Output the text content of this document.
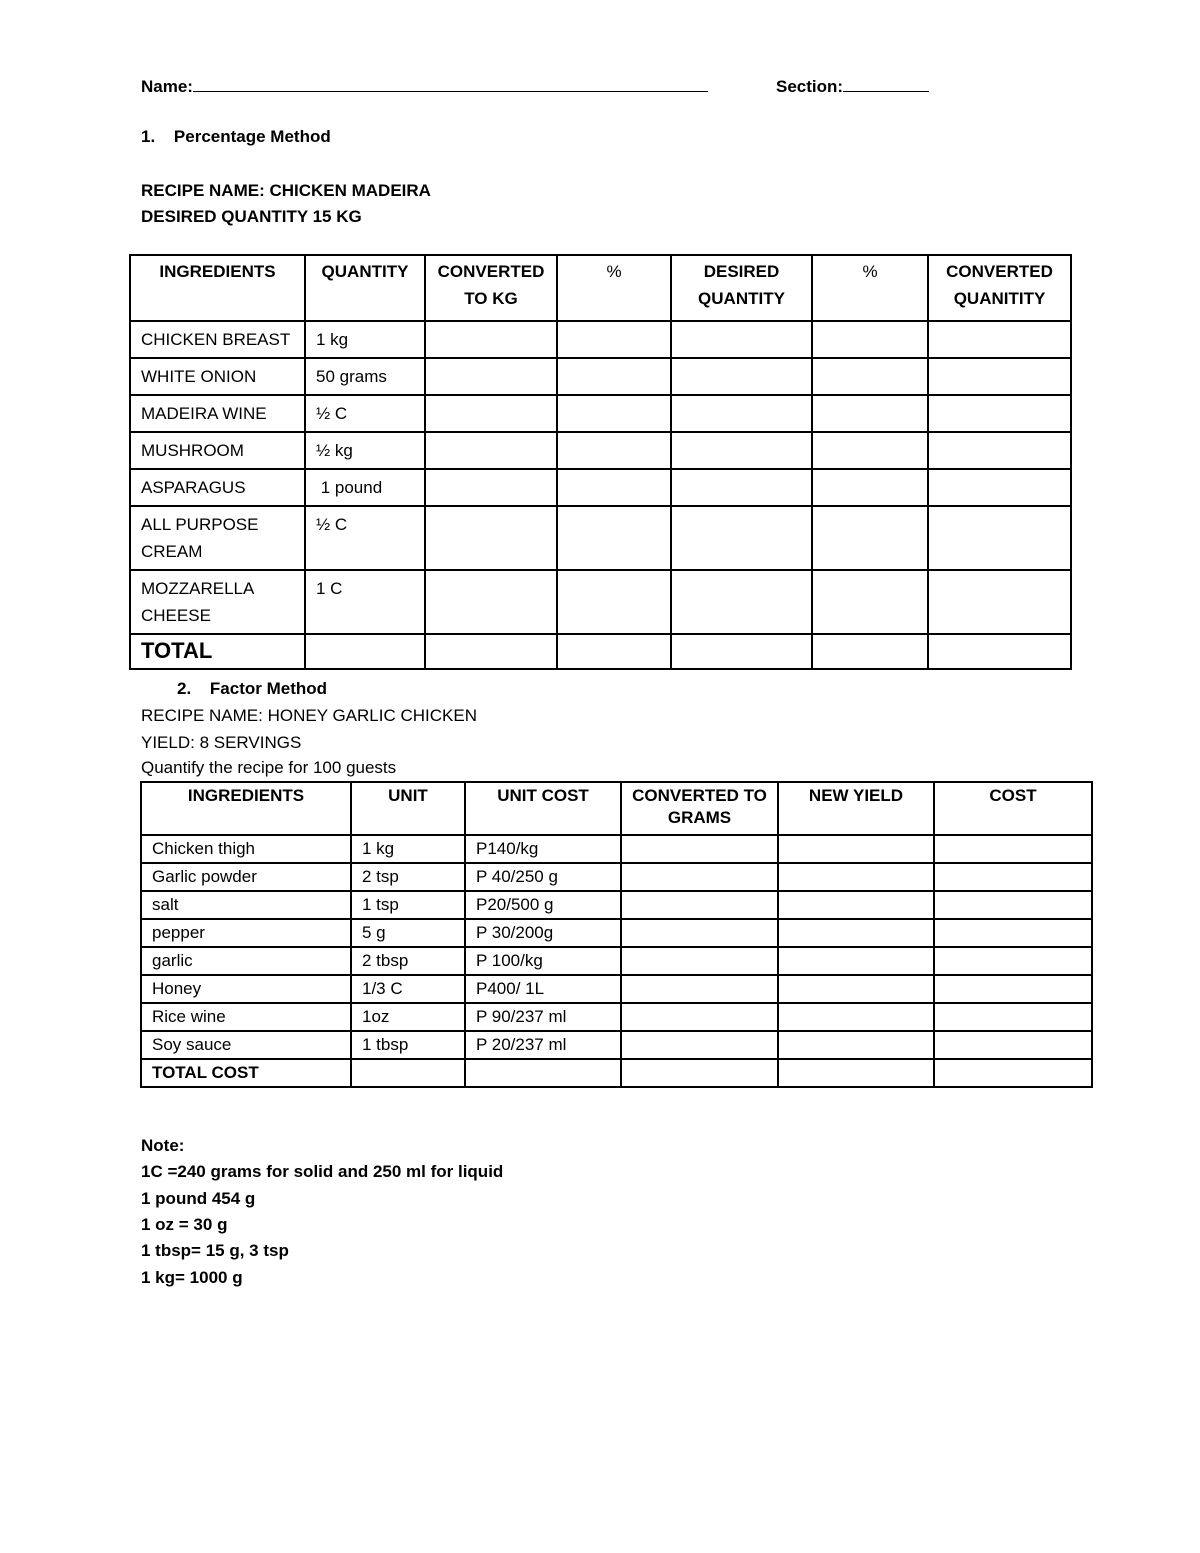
Name:	Section:
1. Percentage Method
RECIPE NAME: CHICKEN MADEIRA
DESIRED QUANTITY 15 KG
INGREDIENTS	QUANTITY	CONVERTED TO KG	%	DESIRED QUANTITY	%	CONVERTED QUANITITY
CHICKEN BREAST	1 kg					
WHITE ONION	50 grams					
MADEIRA WINE	½ C					
MUSHROOM	½ kg					
ASPARAGUS	1 pound					
ALL PURPOSE CREAM	½ C					
MOZZARELLA CHEESE	1 C					
TOTAL						
2. Factor Method
RECIPE NAME: HONEY GARLIC CHICKEN
YIELD: 8 SERVINGS
Quantify the recipe for 100 guests
INGREDIENTS	UNIT	UNIT COST	CONVERTED TO GRAMS	NEW YIELD	COST
Chicken thigh	1 kg	P140/kg			
Garlic powder	2 tsp	P 40/250 g			
salt	1 tsp	P20/500 g			
pepper	5 g	P 30/200g			
garlic	2 tbsp	P 100/kg			
Honey	1/3 C	P400/ 1L			
Rice wine	1oz	P 90/237 ml			
Soy sauce	1 tbsp	P 20/237 ml			
TOTAL COST					
Note:
1C =240 grams for solid and 250 ml for liquid
1 pound 454 g
1 oz = 30 g
1 tbsp= 15 g, 3 tsp
1 kg= 1000 g
